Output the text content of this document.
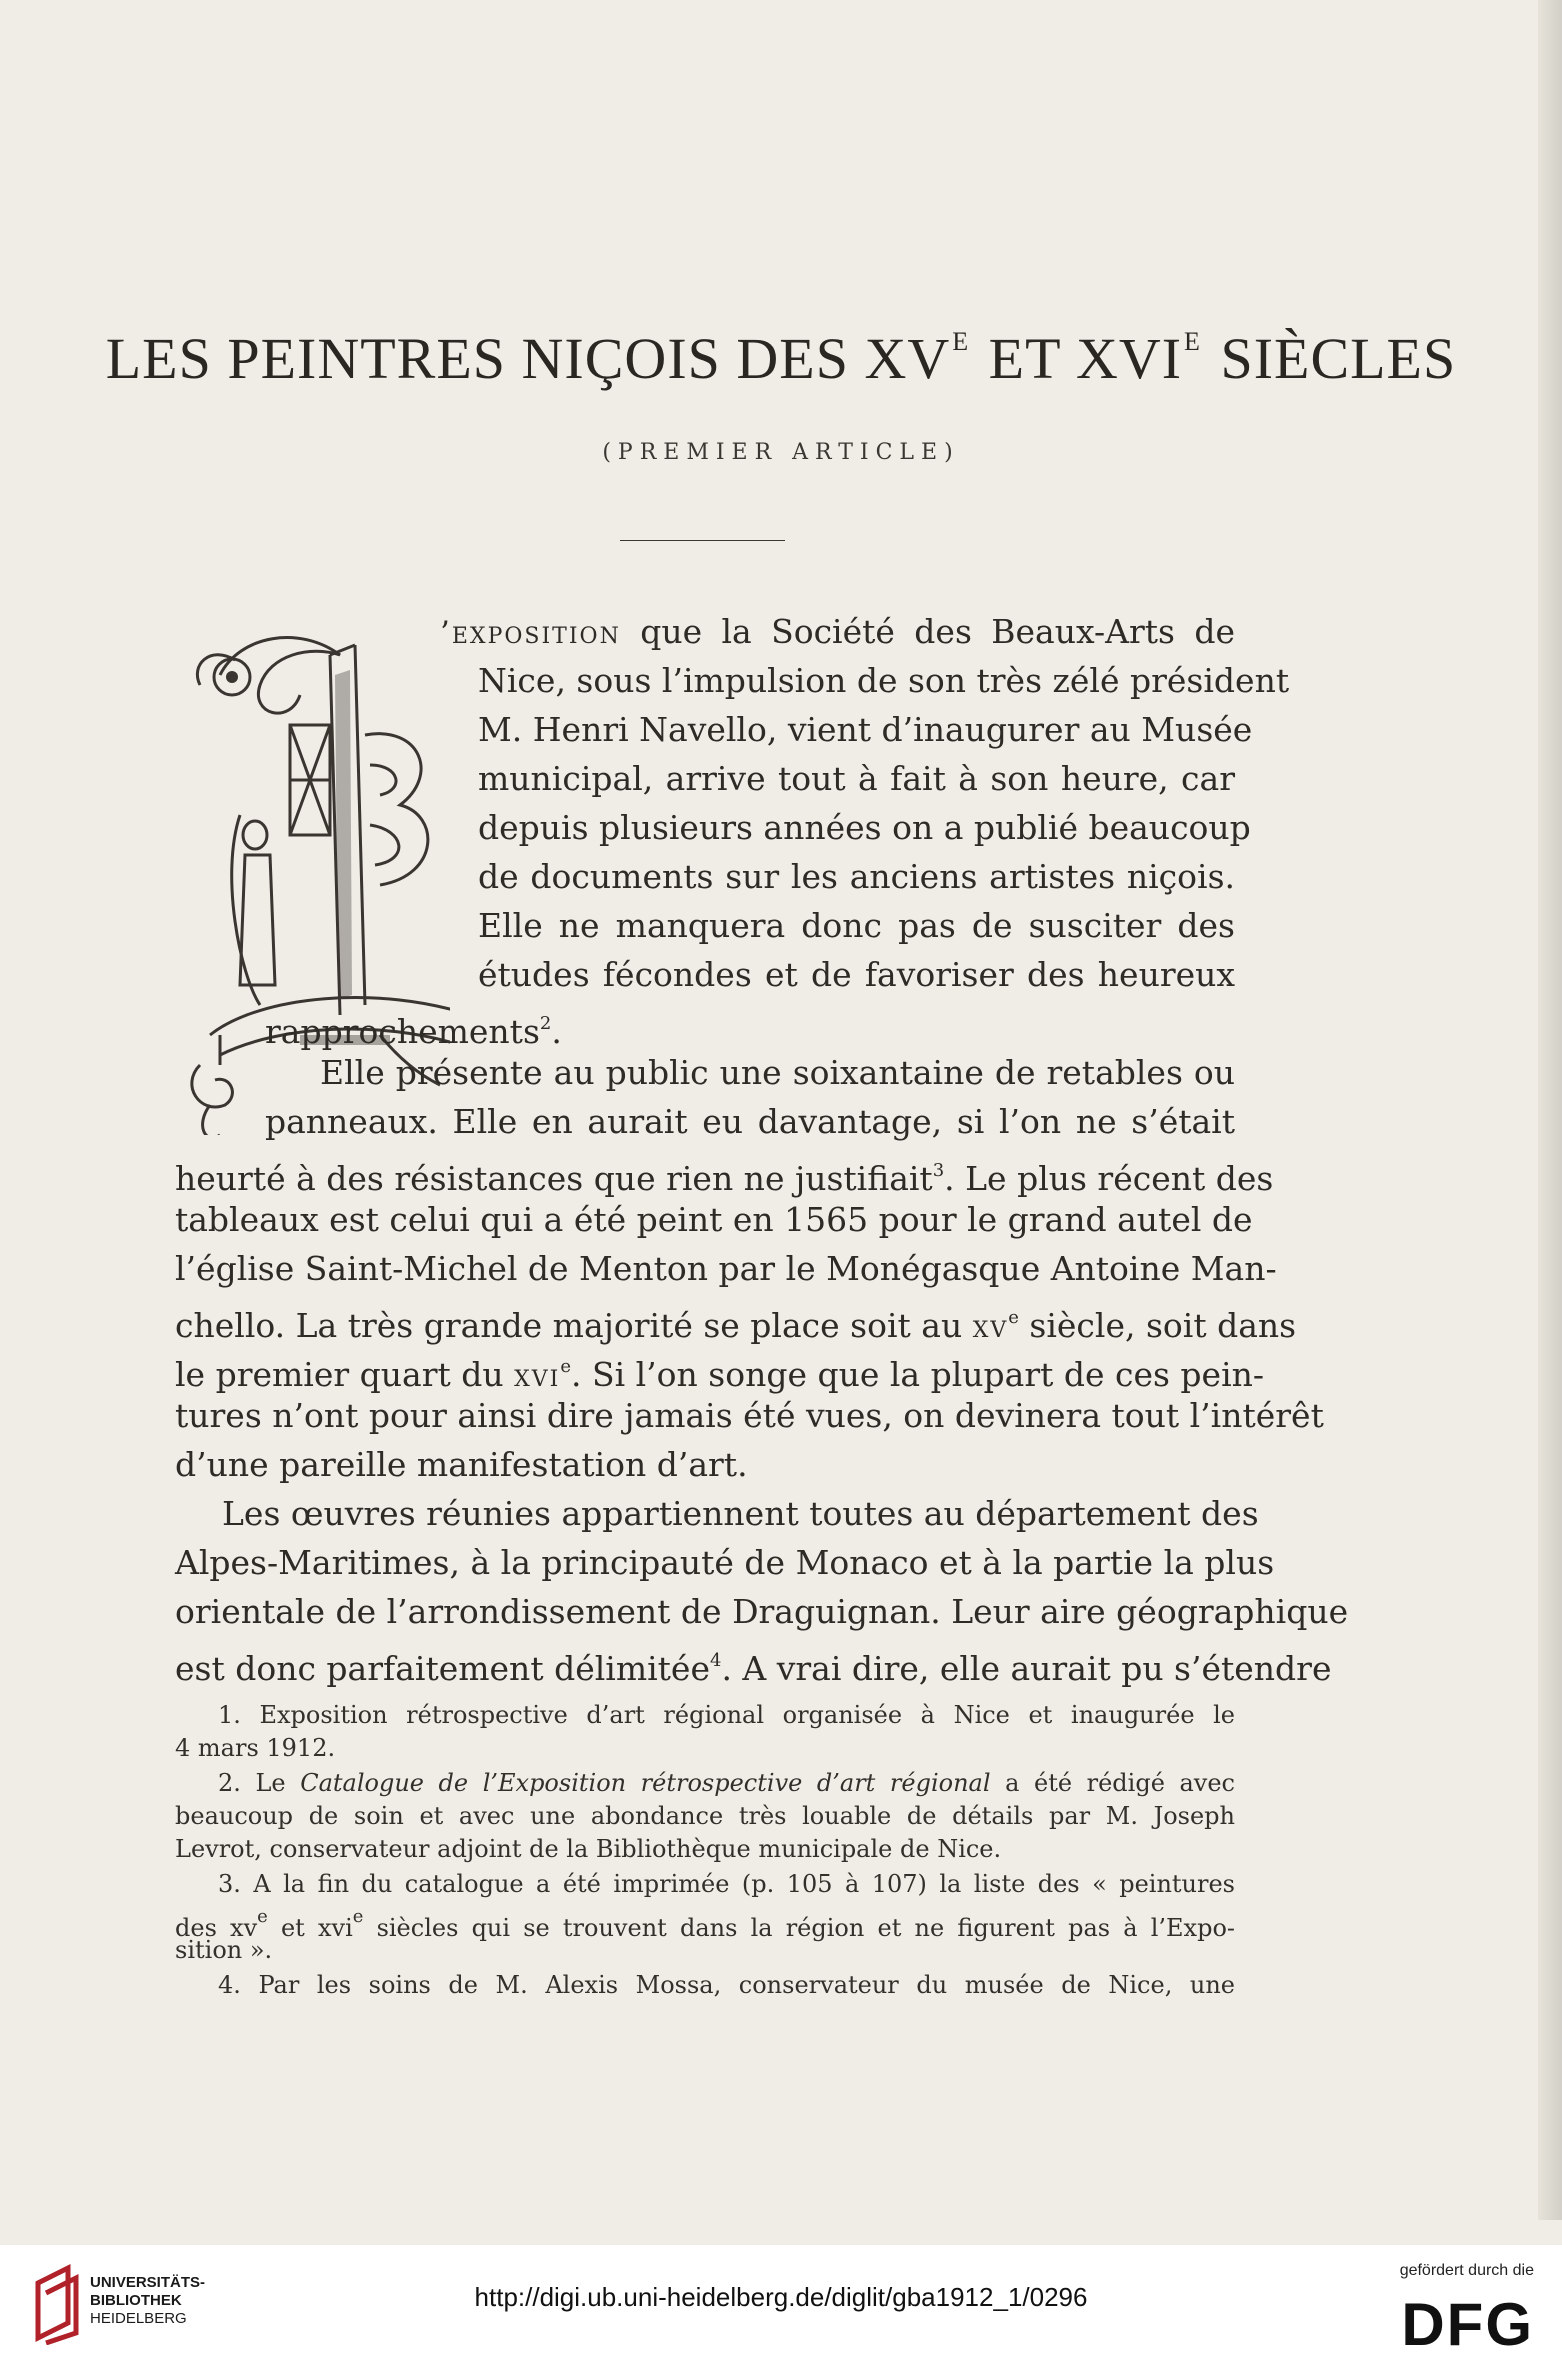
LES PEINTRES NIÇOIS DES $XV^E$ ET $XVI^E$ SIÈCLES
(PREMIER ARTICLE)
’exposition que la Société des Beaux-Arts de
Nice, sous l’impulsion de son très zélé président
M. Henri Navello, vient d’inaugurer au Musée
municipal, arrive tout à fait à son heure, car
depuis plusieurs années on a publié beaucoup
de documents sur les anciens artistes niçois.
Elle ne manquera donc pas de susciter des
études fécondes et de favoriser des heureux
rapprochements$^2$.
Elle présente au public une soixantaine de retables ou
panneaux. Elle en aurait eu davantage, si l’on ne s’était
heurté à des résistances que rien ne justifiait$^3$. Le plus récent des
tableaux est celui qui a été peint en 1565 pour le grand autel de
l’église Saint-Michel de Menton par le Monégasque Antoine Man-
chello. La très grande majorité se place soit au $xv^e$ siècle, soit dans
le premier quart du xvi$^e$. Si l’on songe que la plupart de ces pein-
tures n’ont pour ainsi dire jamais été vues, on devinera tout l’intérêt
d’une pareille manifestation d’art.
Les œuvres réunies appartiennent toutes au département des
Alpes-Maritimes, à la principauté de Monaco et à la partie la plus
orientale de l’arrondissement de Draguignan. Leur aire géographique
est donc parfaitement délimitée$^4$. A vrai dire, elle aurait pu s’étendre
1. Exposition rétrospective d’art régional organisée à Nice et inaugurée le
4 mars 1912.
2. Le Catalogue de l’Exposition rétrospective d’art régional a été rédigé avec
beaucoup de soin et avec une abondance très louable de détails par M. Joseph
Levrot, conservateur adjoint de la Bibliothèque municipale de Nice.
3. A la fin du catalogue a été imprimée (p. 105 à 107) la liste des « peintures
des $xv^e$ et xvi$^e$ siècles qui se trouvent dans la région et ne figurent pas à l’Expo-
sition ».
4. Par les soins de M. Alexis Mossa, conservateur du musée de Nice, une
UNIVERSITÄTS-
BIBLIOTHEK
HEIDELBERG
http://digi.ub.uni-heidelberg.de/diglit/gba1912_1/0296
gefördert durch die
DFG
